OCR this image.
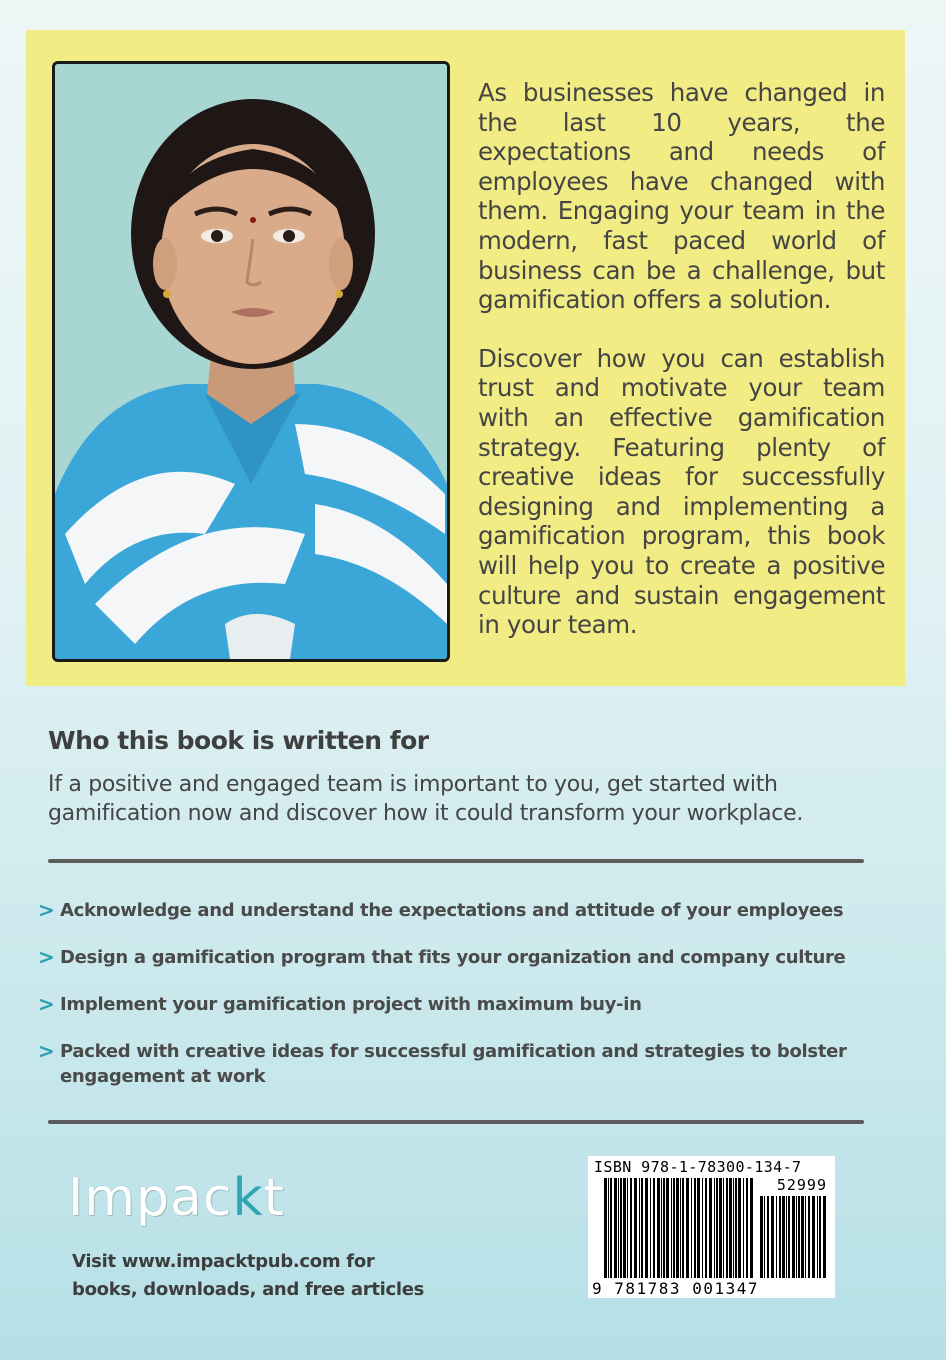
As businesses have changed in the last 10 years, the expectations and needs of employees have changed with them. Engaging your team in the modern, fast paced world of business can be a challenge, but gamification offers a solution.

Discover how you can establish trust and motivate your team with an effective gamification strategy. Featuring plenty of creative ideas for successfully designing and implementing a gamification program, this book will help you to create a positive culture and sustain engagement in your team.

Who this book is written for
If a positive and engaged team is important to you, get started with gamification now and discover how it could transform your workplace.
> Acknowledge and understand the expectations and attitude of your employees
> Design a gamification program that fits your organization and company culture
> Implement your gamification project with maximum buy-in
> Packed with creative ideas for successful gamification and strategies to bolster engagement at work
Impackt
Visit www.impacktpub.com for books, downloads, and free articles
ISBN 978-1-78300-134-7
52999
9 781783 001347
